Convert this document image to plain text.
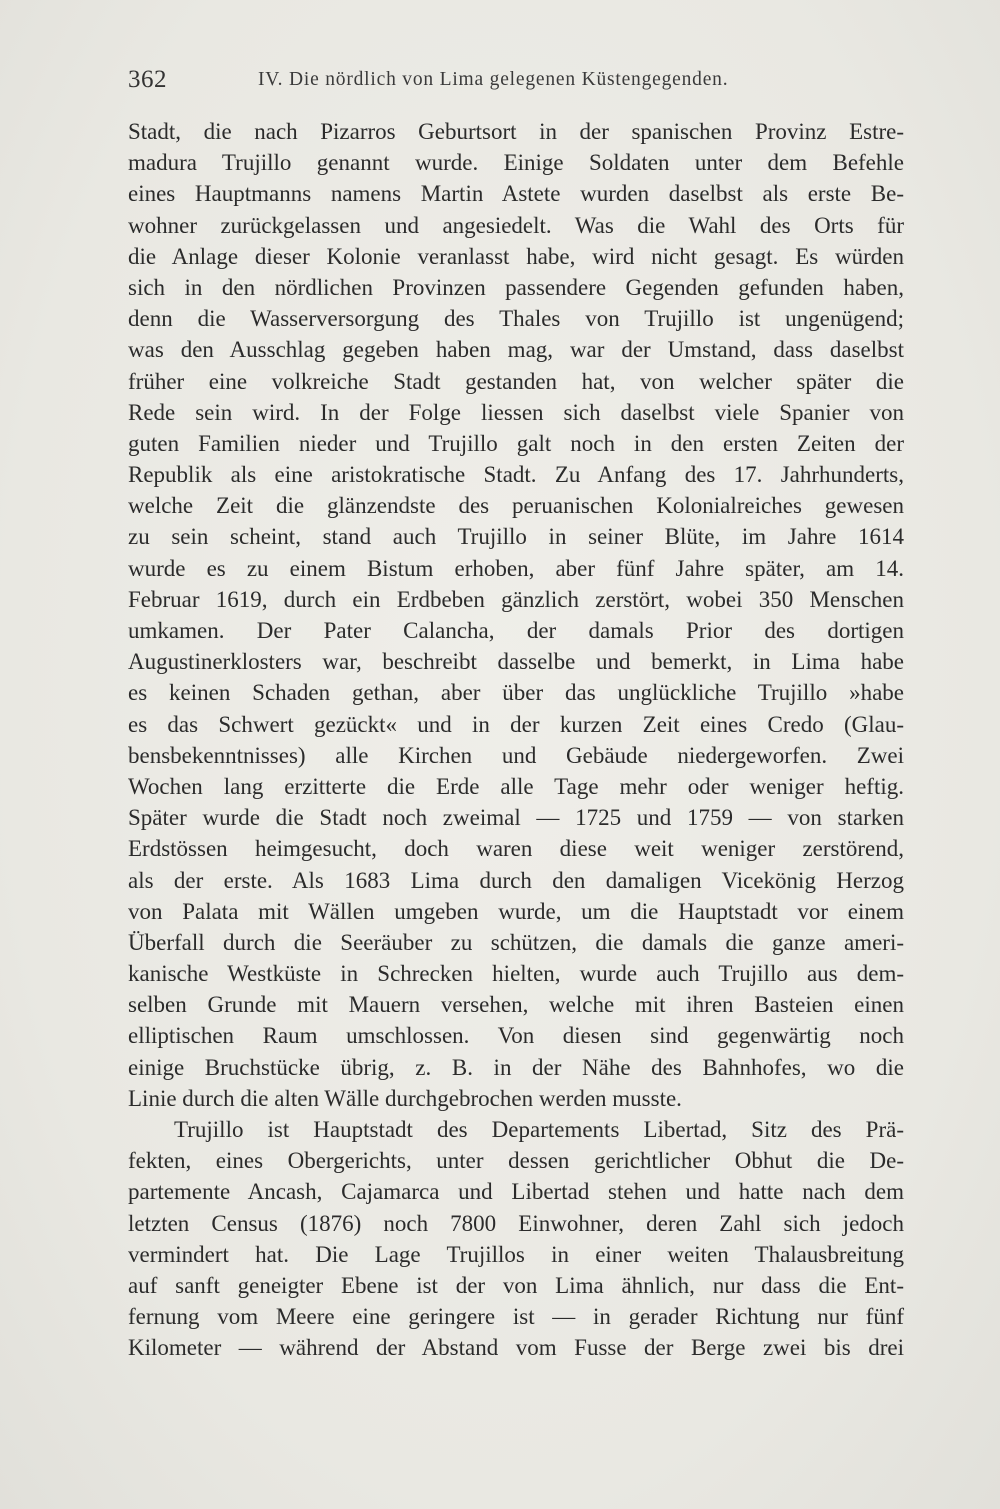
362	IV. Die nördlich von Lima gelegenen Küstengegenden.
Stadt, die nach Pizarros Geburtsort in der spanischen Provinz Estre-
madura Trujillo genannt wurde. Einige Soldaten unter dem Befehle
eines Hauptmanns namens Martin Astete wurden daselbst als erste Be-
wohner zurückgelassen und angesiedelt. Was die Wahl des Orts für
die Anlage dieser Kolonie veranlasst habe, wird nicht gesagt. Es würden
sich in den nördlichen Provinzen passendere Gegenden gefunden haben,
denn die Wasserversorgung des Thales von Trujillo ist ungenügend;
was den Ausschlag gegeben haben mag, war der Umstand, dass daselbst
früher eine volkreiche Stadt gestanden hat, von welcher später die
Rede sein wird. In der Folge liessen sich daselbst viele Spanier von
guten Familien nieder und Trujillo galt noch in den ersten Zeiten der
Republik als eine aristokratische Stadt. Zu Anfang des 17. Jahrhunderts,
welche Zeit die glänzendste des peruanischen Kolonialreiches gewesen
zu sein scheint, stand auch Trujillo in seiner Blüte, im Jahre 1614
wurde es zu einem Bistum erhoben, aber fünf Jahre später, am 14.
Februar 1619, durch ein Erdbeben gänzlich zerstört, wobei 350 Menschen
umkamen. Der Pater Calancha, der damals Prior des dortigen
Augustinerklosters war, beschreibt dasselbe und bemerkt, in Lima habe
es keinen Schaden gethan, aber über das unglückliche Trujillo »habe
es das Schwert gezückt« und in der kurzen Zeit eines Credo (Glau-
bensbekenntnisses) alle Kirchen und Gebäude niedergeworfen. Zwei
Wochen lang erzitterte die Erde alle Tage mehr oder weniger heftig.
Später wurde die Stadt noch zweimal — 1725 und 1759 — von starken
Erdstössen heimgesucht, doch waren diese weit weniger zerstörend,
als der erste. Als 1683 Lima durch den damaligen Vicekönig Herzog
von Palata mit Wällen umgeben wurde, um die Hauptstadt vor einem
Überfall durch die Seeräuber zu schützen, die damals die ganze ameri-
kanische Westküste in Schrecken hielten, wurde auch Trujillo aus dem-
selben Grunde mit Mauern versehen, welche mit ihren Basteien einen
elliptischen Raum umschlossen. Von diesen sind gegenwärtig noch
einige Bruchstücke übrig, z. B. in der Nähe des Bahnhofes, wo die
Linie durch die alten Wälle durchgebrochen werden musste.
Trujillo ist Hauptstadt des Departements Libertad, Sitz des Prä-
fekten, eines Obergerichts, unter dessen gerichtlicher Obhut die De-
partemente Ancash, Cajamarca und Libertad stehen und hatte nach dem
letzten Census (1876) noch 7800 Einwohner, deren Zahl sich jedoch
vermindert hat. Die Lage Trujillos in einer weiten Thalausbreitung
auf sanft geneigter Ebene ist der von Lima ähnlich, nur dass die Ent-
fernung vom Meere eine geringere ist — in gerader Richtung nur fünf
Kilometer — während der Abstand vom Fusse der Berge zwei bis drei
